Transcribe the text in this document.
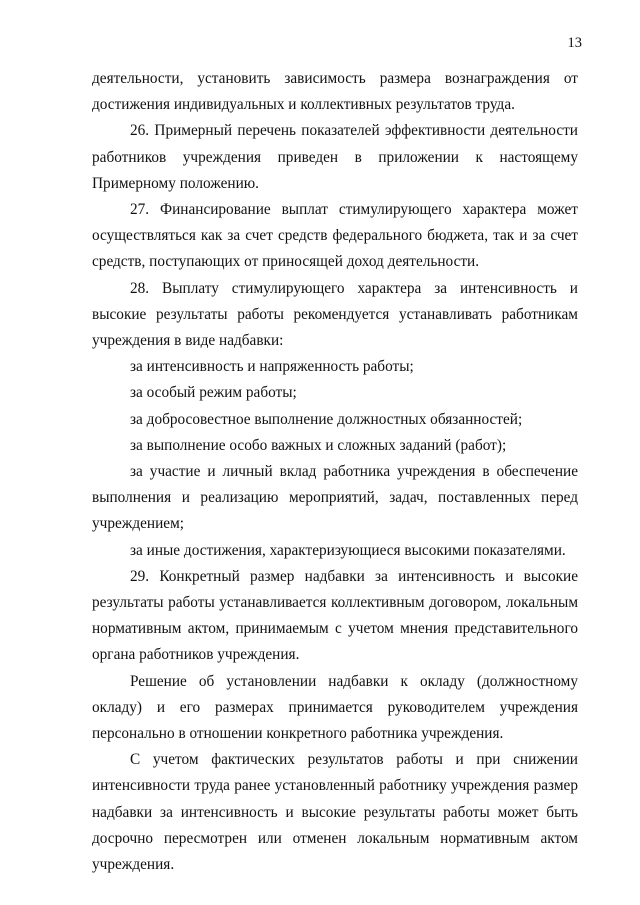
13

деятельности, установить зависимость размера вознаграждения от достижения индивидуальных и коллективных результатов труда.

26. Примерный перечень показателей эффективности деятельности работников учреждения приведен в приложении к настоящему Примерному положению.

27. Финансирование выплат стимулирующего характера может осуществляться как за счет средств федерального бюджета, так и за счет средств, поступающих от приносящей доход деятельности.

28. Выплату стимулирующего характера за интенсивность и высокие результаты работы рекомендуется устанавливать работникам учреждения в виде надбавки:

за интенсивность и напряженность работы;

за особый режим работы;

за добросовестное выполнение должностных обязанностей;

за выполнение особо важных и сложных заданий (работ);

за участие и личный вклад работника учреждения в обеспечение выполнения и реализацию мероприятий, задач, поставленных перед учреждением;

за иные достижения, характеризующиеся высокими показателями.

29. Конкретный размер надбавки за интенсивность и высокие результаты работы устанавливается коллективным договором, локальным нормативным актом, принимаемым с учетом мнения представительного органа работников учреждения.

Решение об установлении надбавки к окладу (должностному окладу) и его размерах принимается руководителем учреждения персонально в отношении конкретного работника учреждения.

С учетом фактических результатов работы и при снижении интенсивности труда ранее установленный работнику учреждения размер надбавки за интенсивность и высокие результаты работы может быть досрочно пересмотрен или отменен локальным нормативным актом учреждения.
